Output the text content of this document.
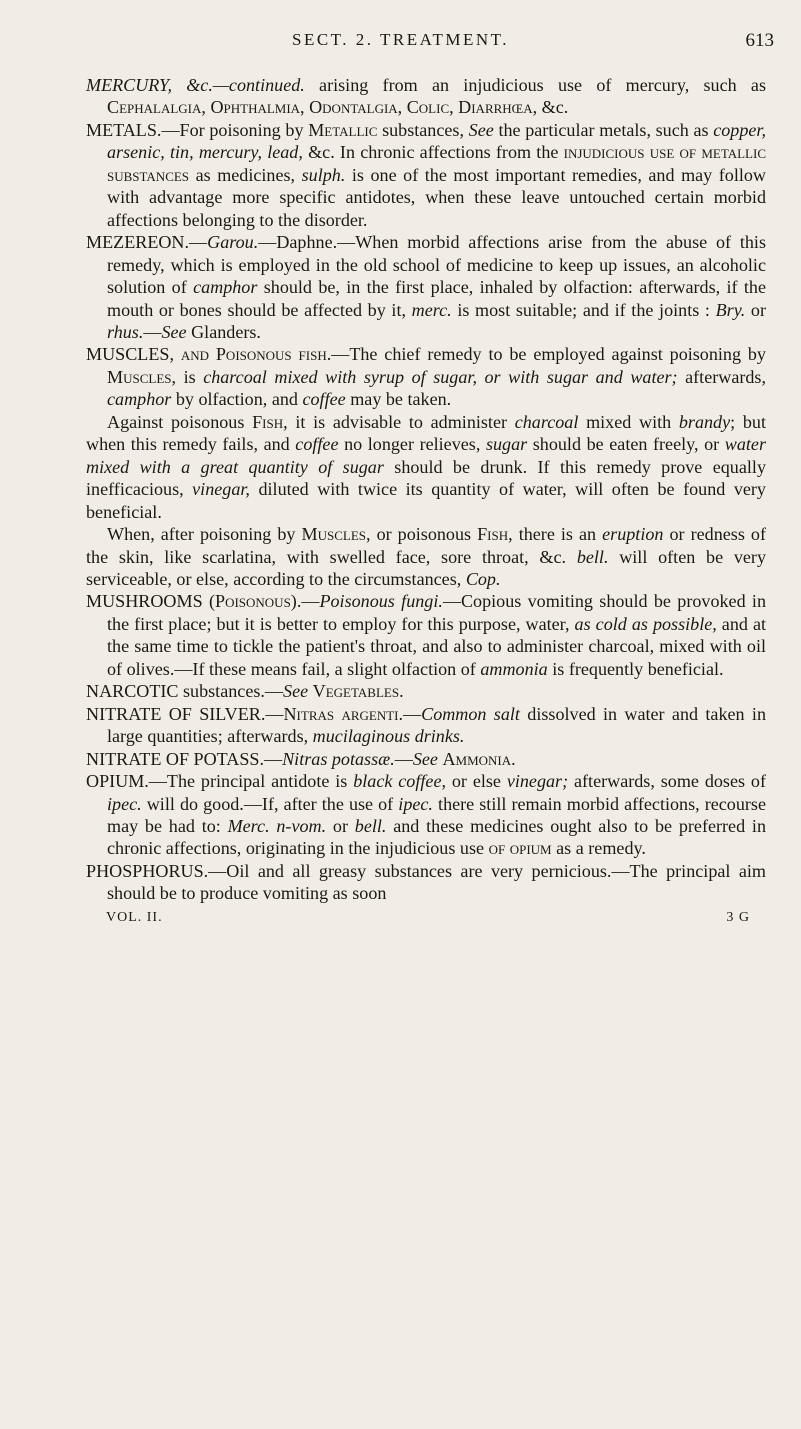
SECT. 2. TREATMENT.	613

MERCURY, &c.—continued. arising from an injudicious use of mercury, such as Cephalalgia, Ophthalmia, Odontalgia, Colic, Diarrhœa, &c.

METALS.—For poisoning by Metallic substances, See the particular metals, such as copper, arsenic, tin, mercury, lead, &c. In chronic affections from the injudicious use of metallic substances as medicines, sulph. is one of the most important remedies, and may follow with advantage more specific antidotes, when these leave untouched certain morbid affections belonging to the disorder.

MEZEREON.—Garou.—Daphne.—When morbid affections arise from the abuse of this remedy, which is employed in the old school of medicine to keep up issues, an alcoholic solution of camphor should be, in the first place, inhaled by olfaction: afterwards, if the mouth or bones should be affected by it, merc. is most suitable; and if the joints : Bry. or rhus.—See Glanders.

MUSCLES, and Poisonous fish.—The chief remedy to be employed against poisoning by Muscles, is charcoal mixed with syrup of sugar, or with sugar and water; afterwards, camphor by olfaction, and coffee may be taken.

Against poisonous Fish, it is advisable to administer charcoal mixed with brandy; but when this remedy fails, and coffee no longer relieves, sugar should be eaten freely, or water mixed with a great quantity of sugar should be drunk. If this remedy prove equally inefficacious, vinegar, diluted with twice its quantity of water, will often be found very beneficial.

When, after poisoning by Muscles, or poisonous Fish, there is an eruption or redness of the skin, like scarlatina, with swelled face, sore throat, &c. bell. will often be very serviceable, or else, according to the circumstances, Cop.

MUSHROOMS (Poisonous).—Poisonous fungi.—Copious vomiting should be provoked in the first place; but it is better to employ for this purpose, water, as cold as possible, and at the same time to tickle the patient's throat, and also to administer charcoal, mixed with oil of olives.—If these means fail, a slight olfaction of ammonia is frequently beneficial.

NARCOTIC substances.—See Vegetables.

NITRATE OF SILVER.—Nitras argenti.—Common salt dissolved in water and taken in large quantities; afterwards, mucilaginous drinks.

NITRATE OF POTASS.—Nitras potassæ.—See Ammonia.

OPIUM.—The principal antidote is black coffee, or else vinegar; afterwards, some doses of ipec. will do good.—If, after the use of ipec. there still remain morbid affections, recourse may be had to: Merc. n-vom. or bell. and these medicines ought also to be preferred in chronic affections, originating in the injudicious use of opium as a remedy.

PHOSPHORUS.—Oil and all greasy substances are very pernicious.—The principal aim should be to produce vomiting as soon

VOL. II.	3 G
